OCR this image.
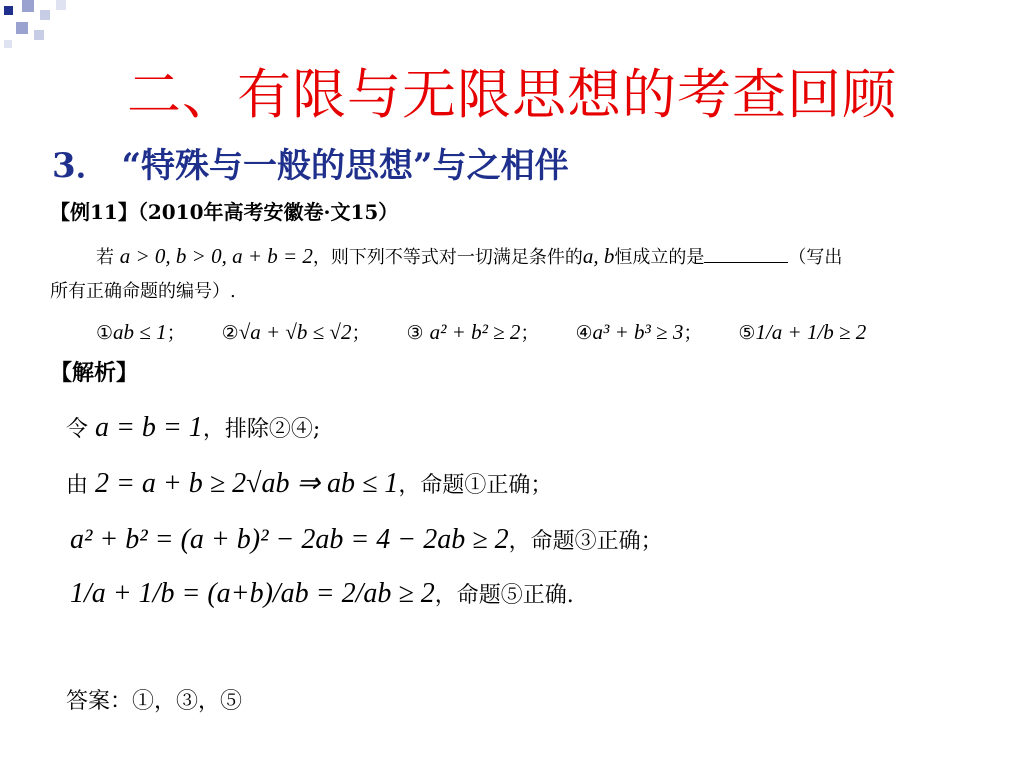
二、有限与无限思想的考查回顾
3． “特殊与一般的思想”与之相伴
【例11】（2010年高考安徽卷·文15）
若 a > 0, b > 0, a + b = 2，则下列不等式对一切满足条件的a, b恒成立的是	（写出
所有正确命题的编号）.
①ab ≤ 1； ②√a + √b ≤ √2； ③ a² + b² ≥ 2； ④a³ + b³ ≥ 3； ⑤1/a + 1/b ≥ 2
【解析】
令 a = b = 1，排除②④;
由 2 = a + b ≥ 2√ab ⇒ ab ≤ 1，命题①正确；
a² + b² = (a + b)² − 2ab = 4 − 2ab ≥ 2，命题③正确；
1/a + 1/b = (a+b)/ab = 2/ab ≥ 2，命题⑤正确.
答案：①，③，⑤
